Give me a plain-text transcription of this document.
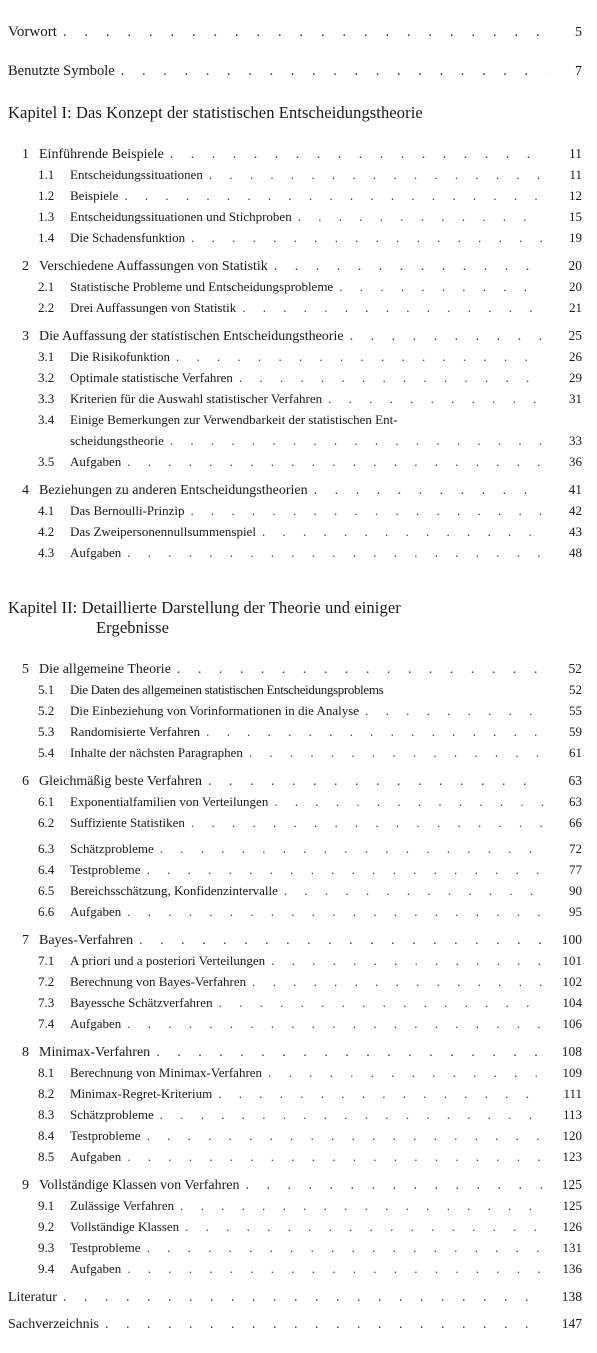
Vorwort . . .	5
Benutzte Symbole . . .	7
Kapitel I: Das Konzept der statistischen Entscheidungstheorie
1 Einführende Beispiele . . .	11
1.1 Entscheidungssituationen . . .	11
1.2 Beispiele . . .	12
1.3 Entscheidungssituationen und Stichproben . . .	15
1.4 Die Schadensfunktion . . .	19
2 Verschiedene Auffassungen von Statistik . . .	20
2.1 Statistische Probleme und Entscheidungsprobleme . . .	20
2.2 Drei Auffassungen von Statistik . . .	21
3 Die Auffassung der statistischen Entscheidungstheorie . . .	25
3.1 Die Risikofunktion . . .	26
3.2 Optimale statistische Verfahren . . .	29
3.3 Kriterien für die Auswahl statistischer Verfahren . . .	31
3.4 Einige Bemerkungen zur Verwendbarkeit der statistischen Ent-
scheidungstheorie . . .	33
3.5 Aufgaben . . .	36
4 Beziehungen zu anderen Entscheidungstheorien . . .	41
4.1 Das Bernoulli-Prinzip . . .	42
4.2 Das Zweipersonennullsummenspiel . . .	43
4.3 Aufgaben . . .	48
Kapitel II: Detaillierte Darstellung der Theorie und einiger
Ergebnisse
5 Die allgemeine Theorie . . .	52
5.1 Die Daten des allgemeinen statistischen Entscheidungsproblems	52
5.2 Die Einbeziehung von Vorinformationen in die Analyse . . .	55
5.3 Randomisierte Verfahren . . .	59
5.4 Inhalte der nächsten Paragraphen . . .	61
6 Gleichmäßig beste Verfahren . . .	63
6.1 Exponentialfamilien von Verteilungen . . .	63
6.2 Suffiziente Statistiken . . .	66
6.3 Schätzprobleme . . .	72
6.4 Testprobleme . . .	77
6.5 Bereichsschätzung, Konfidenzintervalle . . .	90
6.6 Aufgaben . . .	95
7 Bayes-Verfahren . . .	100
7.1 A priori und a posteriori Verteilungen . . .	101
7.2 Berechnung von Bayes-Verfahren . . .	102
7.3 Bayessche Schätzverfahren . . .	104
7.4 Aufgaben . . .	106
8 Minimax-Verfahren . . .	108
8.1 Berechnung von Minimax-Verfahren . . .	109
8.2 Minimax-Regret-Kriterium . . .	111
8.3 Schätzprobleme . . .	113
8.4 Testprobleme . . .	120
8.5 Aufgaben . . .	123
9 Vollständige Klassen von Verfahren . . .	125
9.1 Zulässige Verfahren . . .	125
9.2 Vollständige Klassen . . .	126
9.3 Testprobleme . . .	131
9.4 Aufgaben . . .	136
Literatur . . .	138
Sachverzeichnis . . .	147
